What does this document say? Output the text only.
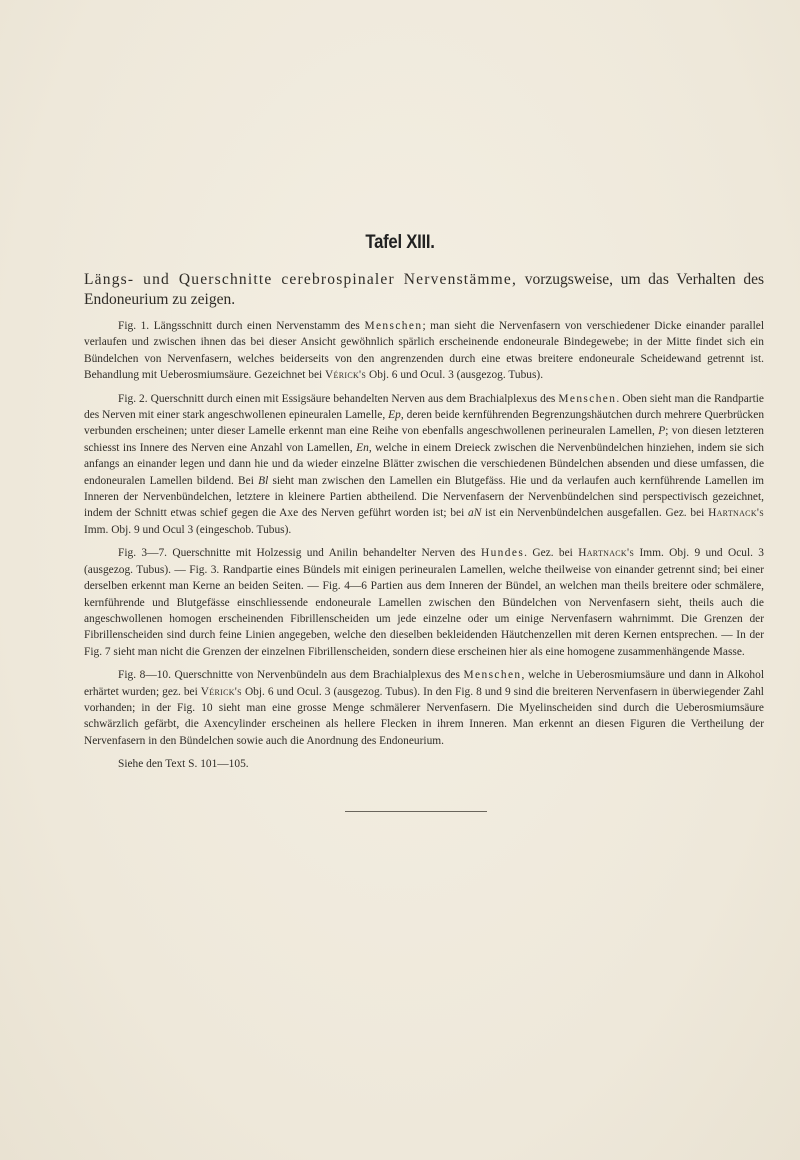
Tafel XIII.
Längs- und Querschnitte cerebrospinaler Nervenstämme, vorzugsweise, um das Verhalten des Endoneurium zu zeigen.

Fig. 1. Längsschnitt durch einen Nervenstamm des Menschen; man sieht die Nervenfasern von verschiedener Dicke einander parallel verlaufen und zwischen ihnen das bei dieser Ansicht gewöhnlich spärlich erscheinende endoneurale Bindegewebe; in der Mitte findet sich ein Bündelchen von Nervenfasern, welches beiderseits von den angrenzenden durch eine etwas breitere endoneurale Scheidewand getrennt ist. Behandlung mit Ueberosmiumsäure. Gezeichnet bei Vérick's Obj. 6 und Ocul. 3 (ausgezog. Tubus).

Fig. 2. Querschnitt durch einen mit Essigsäure behandelten Nerven aus dem Brachialplexus des Menschen. Oben sieht man die Randpartie des Nerven mit einer stark angeschwollenen epineuralen Lamelle, Ep, deren beide kernführenden Begrenzungshäutchen durch mehrere Querbrücken verbunden erscheinen; unter dieser Lamelle erkennt man eine Reihe von ebenfalls angeschwollenen perineuralen Lamellen, P; von diesen letzteren schiesst ins Innere des Nerven eine Anzahl von Lamellen, En, welche in einem Dreieck zwischen die Nervenbündelchen hinziehen, indem sie sich anfangs an einander legen und dann hie und da wieder einzelne Blätter zwischen die verschiedenen Bündelchen absenden und diese umfassen, die endoneuralen Lamellen bildend. Bei Bl sieht man zwischen den Lamellen ein Blutgefäss. Hie und da verlaufen auch kernführende Lamellen im Inneren der Nervenbündelchen, letztere in kleinere Partien abtheilend. Die Nervenfasern der Nervenbündelchen sind perspectivisch gezeichnet, indem der Schnitt etwas schief gegen die Axe des Nerven geführt worden ist; bei aN ist ein Nervenbündelchen ausgefallen. Gez. bei Hartnack's Imm. Obj. 9 und Ocul 3 (eingeschob. Tubus).

Fig. 3—7. Querschnitte mit Holzessig und Anilin behandelter Nerven des Hundes. Gez. bei Hartnack's Imm. Obj. 9 und Ocul. 3 (ausgezog. Tubus). — Fig. 3. Randpartie eines Bündels mit einigen perineuralen Lamellen, welche theilweise von einander getrennt sind; bei einer derselben erkennt man Kerne an beiden Seiten. — Fig. 4—6 Partien aus dem Inneren der Bündel, an welchen man theils breitere oder schmälere, kernführende und Blutgefässe einschliessende endoneurale Lamellen zwischen den Bündelchen von Nervenfasern sieht, theils auch die angeschwollenen homogen erscheinenden Fibrillenscheiden um jede einzelne oder um einige Nervenfasern wahrnimmt. Die Grenzen der Fibrillenscheiden sind durch feine Linien angegeben, welche den dieselben bekleidenden Häutchenzellen mit deren Kernen entsprechen. — In der Fig. 7 sieht man nicht die Grenzen der einzelnen Fibrillenscheiden, sondern diese erscheinen hier als eine homogene zusammenhängende Masse.

Fig. 8—10. Querschnitte von Nervenbündeln aus dem Brachialplexus des Menschen, welche in Ueberosmiumsäure und dann in Alkohol erhärtet wurden; gez. bei Vérick's Obj. 6 und Ocul. 3 (ausgezog. Tubus). In den Fig. 8 und 9 sind die breiteren Nervenfasern in überwiegender Zahl vorhanden; in der Fig. 10 sieht man eine grosse Menge schmälerer Nervenfasern. Die Myelinscheiden sind durch die Ueberosmiumsäure schwärzlich gefärbt, die Axencylinder erscheinen als hellere Flecken in ihrem Inneren. Man erkennt an diesen Figuren die Vertheilung der Nervenfasern in den Bündelchen sowie auch die Anordnung des Endoneurium.

Siehe den Text S. 101—105.
